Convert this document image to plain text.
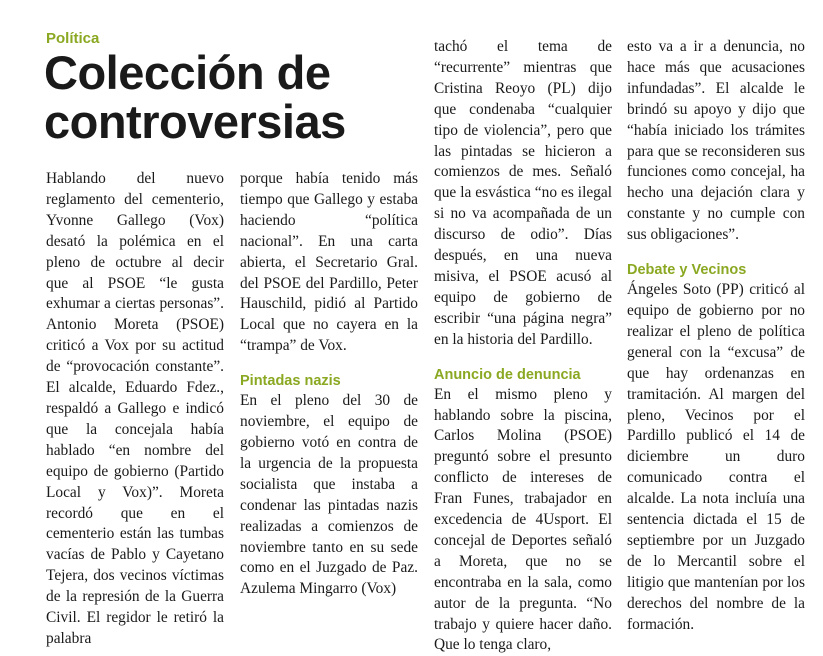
Política
Colección de controversias

Hablando del nuevo reglamento del cementerio, Yvonne Gallego (Vox) desató la polémica en el pleno de octubre al decir que al PSOE “le gusta exhumar a ciertas personas”. Antonio Moreta (PSOE) criticó a Vox por su actitud de “provocación constante”. El alcalde, Eduardo Fdez., respaldó a Gallego e indicó que la concejala había hablado “en nombre del equipo de gobierno (Partido Local y Vox)”. Moreta recordó que en el cementerio están las tumbas vacías de Pablo y Cayetano Tejera, dos vecinos víctimas de la represión de la Guerra Civil. El regidor le retiró la palabra

porque había tenido más tiempo que Gallego y estaba haciendo “política nacional”. En una carta abierta, el Secretario Gral. del PSOE del Pardillo, Peter Hauschild, pidió al Partido Local que no cayera en la “trampa” de Vox.

Pintadas nazis

En el pleno del 30 de noviembre, el equipo de gobierno votó en contra de la urgencia de la propuesta socialista que instaba a condenar las pintadas nazis realizadas a comienzos de noviembre tanto en su sede como en el Juzgado de Paz. Azulema Mingarro (Vox)

tachó el tema de “recurrente” mientras que Cristina Reoyo (PL) dijo que condenaba “cualquier tipo de violencia”, pero que las pintadas se hicieron a comienzos de mes. Señaló que la esvástica “no es ilegal si no va acompañada de un discurso de odio”. Días después, en una nueva misiva, el PSOE acusó al equipo de gobierno de escribir “una página negra” en la historia del Pardillo.

Anuncio de denuncia

En el mismo pleno y hablando sobre la piscina, Carlos Molina (PSOE) preguntó sobre el presunto conflicto de intereses de Fran Funes, trabajador en excedencia de 4Usport. El concejal de Deportes señaló a Moreta, que no se encontraba en la sala, como autor de la pregunta. “No trabajo y quiere hacer daño. Que lo tenga claro,

esto va a ir a denuncia, no hace más que acusaciones infundadas”. El alcalde le brindó su apoyo y dijo que “había iniciado los trámites para que se reconsideren sus funciones como concejal, ha hecho una dejación clara y constante y no cumple con sus obligaciones”.

Debate y Vecinos

Ángeles Soto (PP) criticó al equipo de gobierno por no realizar el pleno de política general con la “excusa” de que hay ordenanzas en tramitación. Al margen del pleno, Vecinos por el Pardillo publicó el 14 de diciembre un duro comunicado contra el alcalde. La nota incluía una sentencia dictada el 15 de septiembre por un Juzgado de lo Mercantil sobre el litigio que mantenían por los derechos del nombre de la formación.
